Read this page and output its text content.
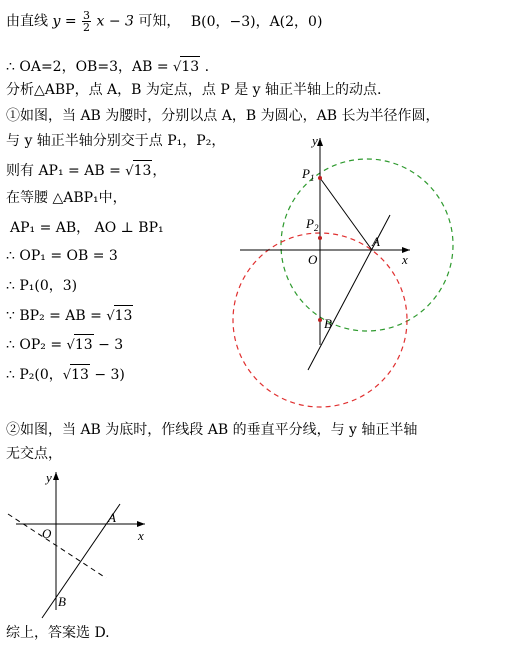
由直线 $y = \frac{3}{2}$ x − 3 可知， B(0，−3)，A(2，0)
∴ OA=2，OB=3，AB = √13 .
分析△ABP，点 A，B 为定点，点 P 是 y 轴正半轴上的动点.
①如图，当 AB 为腰时，分别以点 A，B 为圆心，AB 长为半径作圆，
与 y 轴正半轴分别交于点 P₁，P₂，
则有 AP₁ = AB = √13，
在等腰 △ABP₁中，
AP₁ = AB， AO ⊥ BP₁
∴ OP₁ = OB = 3
∴ P₁(0，3)
∵ BP₂ = AB = √13
∴ OP₂ = √13 − 3
∴ P₂(0，√13 − 3)
②如图，当 AB 为底时，作线段 AB 的垂直平分线，与 y 轴正半轴
无交点，
综上，答案选 D.
y
x
O
A
B
$P_1$
$P_2$
y
x
O
A
B
